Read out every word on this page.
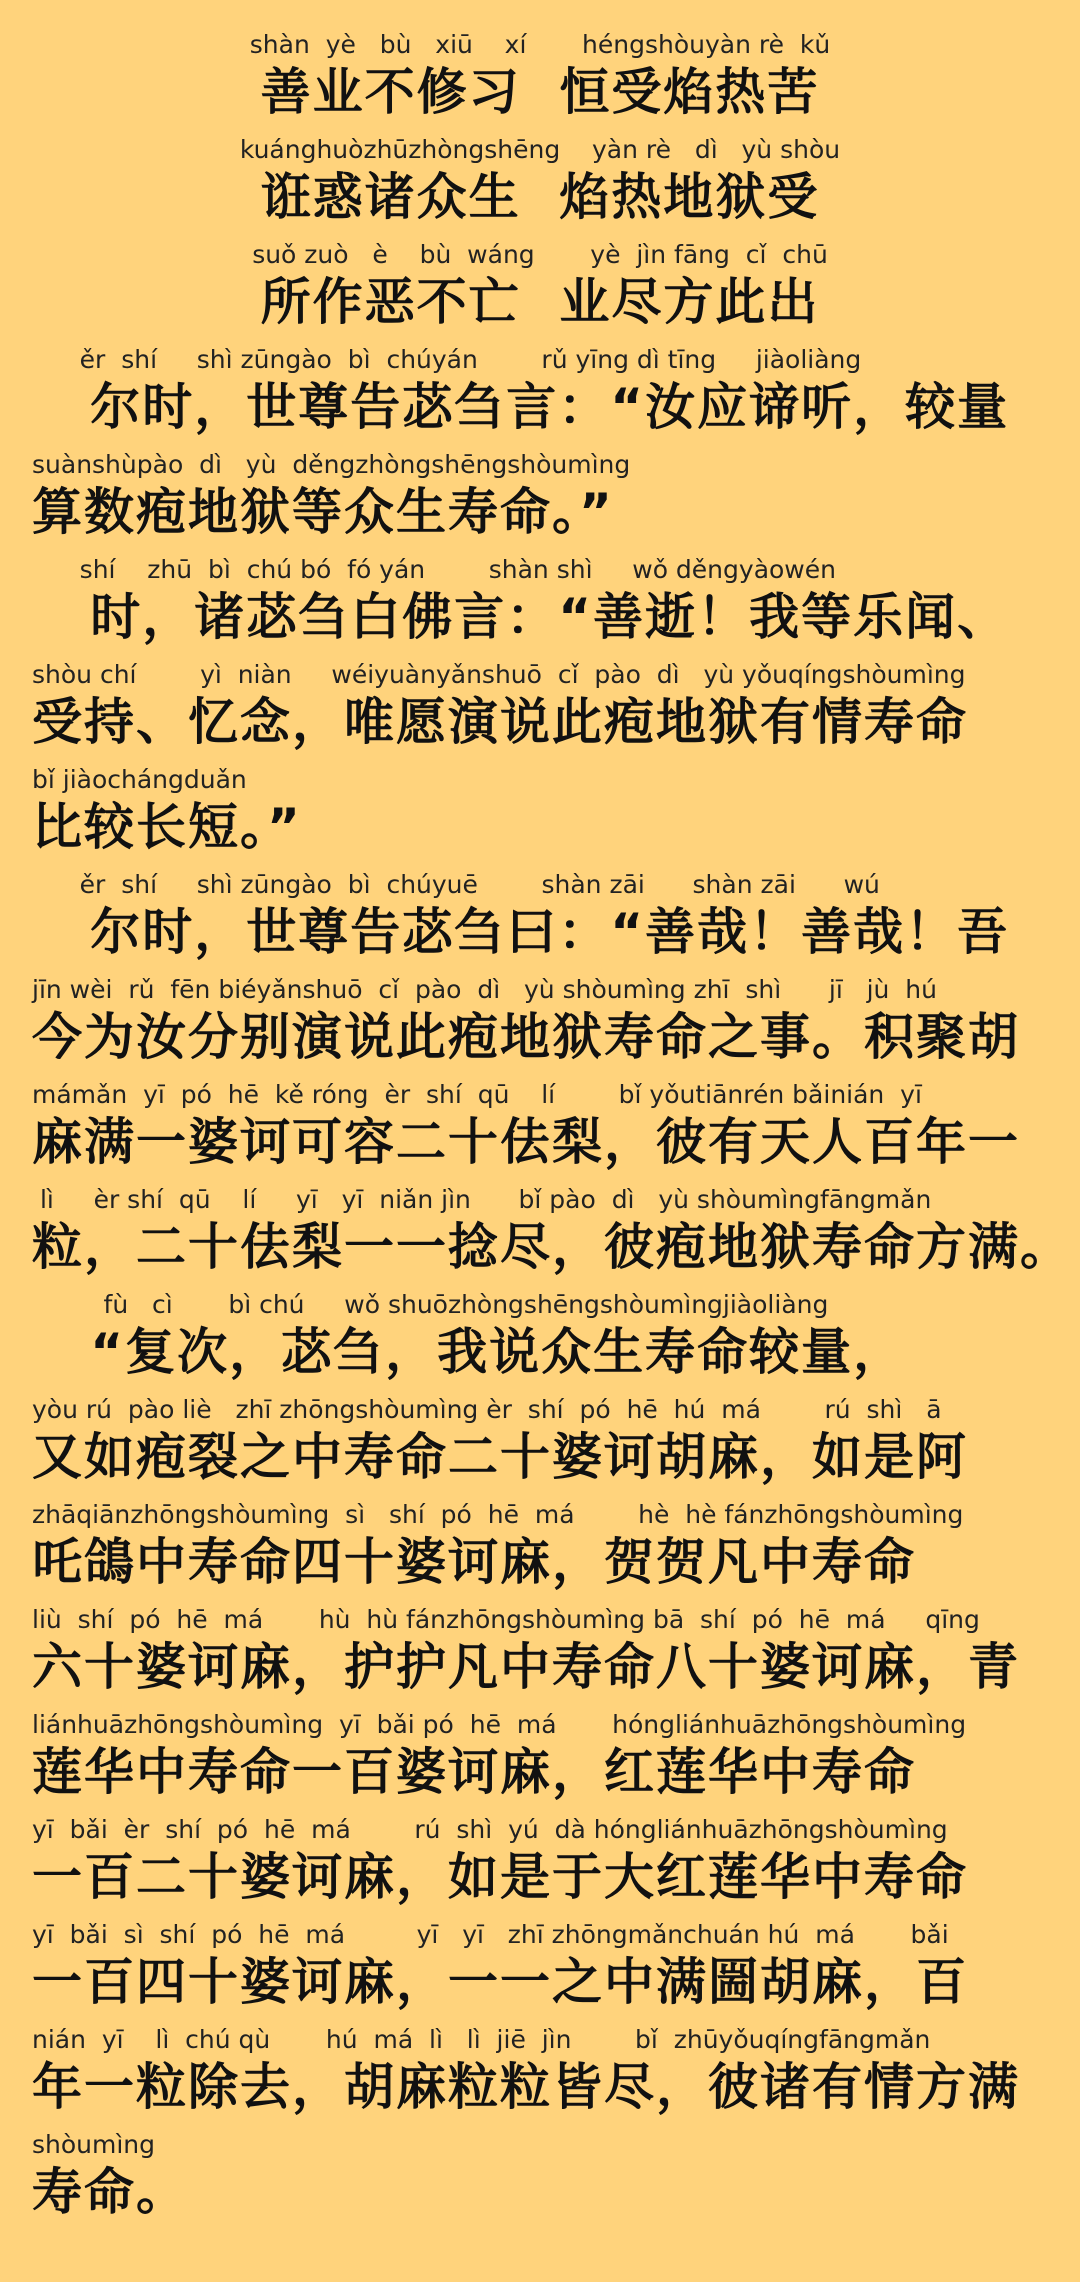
shàn  yè   bù   xiū    xí       héngshòuyàn rè  kǔ
善业不修习  恒受焰热苦
kuánghuòzhūzhòngshēng    yàn rè   dì   yù shòu
诳惑诸众生  焰热地狱受
suǒ zuò   è    bù  wáng       yè  jìn fāng  cǐ  chū
所作恶不亡  业尽方此出
ěr  shí     shì zūngào  bì  chúyán        rǔ yīng dì tīng     jiàoliàng
尔时，世尊告苾刍言：“汝应谛听，较量
suànshùpào  dì   yù  děngzhòngshēngshòumìng
算数疱地狱等众生寿命。”
shí    zhū  bì  chú bó  fó yán        shàn shì     wǒ děngyàowén
时，诸苾刍白佛言：“善逝！我等乐闻、
shòu chí        yì  niàn     wéiyuànyǎnshuō  cǐ  pào  dì   yù yǒuqíngshòumìng
受持、忆念，唯愿演说此疱地狱有情寿命
bǐ jiàochángduǎn
比较长短。”
ěr  shí     shì zūngào  bì  chúyuē        shàn zāi      shàn zāi      wú
尔时，世尊告苾刍曰：“善哉！善哉！吾
jīn wèi  rǔ  fēn biéyǎnshuō  cǐ  pào  dì   yù shòumìng zhī  shì      jī   jù  hú
今为汝分别演说此疱地狱寿命之事。积聚胡
mámǎn  yī  pó  hē  kě róng  èr  shí  qū    lí        bǐ yǒutiānrén bǎinián  yī
麻满一婆诃可容二十佉梨，彼有天人百年一
lì     èr shí  qū    lí     yī   yī  niǎn jìn      bǐ pào  dì   yù shòumìngfāngmǎn
粒，二十佉梨一一捻尽，彼疱地狱寿命方满。
fù   cì       bì chú     wǒ shuōzhòngshēngshòumìngjiàoliàng
“复次，苾刍，我说众生寿命较量，
yòu rú  pào liè   zhī zhōngshòumìng èr  shí  pó  hē  hú  má        rú  shì   ā
又如疱裂之中寿命二十婆诃胡麻，如是阿
zhāqiānzhōngshòumìng  sì   shí  pó  hē  má        hè  hè fánzhōngshòumìng
吒鴿中寿命四十婆诃麻，贺贺凡中寿命
liù  shí  pó  hē  má       hù  hù fánzhōngshòumìng bā  shí  pó  hē  má     qīng
六十婆诃麻，护护凡中寿命八十婆诃麻，青
liánhuāzhōngshòumìng  yī  bǎi pó  hē  má       hóngliánhuāzhōngshòumìng
莲华中寿命一百婆诃麻，红莲华中寿命
yī  bǎi  èr  shí  pó  hē  má        rú  shì  yú  dà hóngliánhuāzhōngshòumìng
一百二十婆诃麻，如是于大红莲华中寿命
yī  bǎi  sì  shí  pó  hē  má         yī   yī   zhī zhōngmǎnchuán hú  má       bǎi
一百四十婆诃麻，一一之中满圌胡麻，百
nián  yī    lì  chú qù       hú  má  lì   lì  jiē  jìn        bǐ  zhūyǒuqíngfāngmǎn
年一粒除去，胡麻粒粒皆尽，彼诸有情方满
shòumìng
寿命。
